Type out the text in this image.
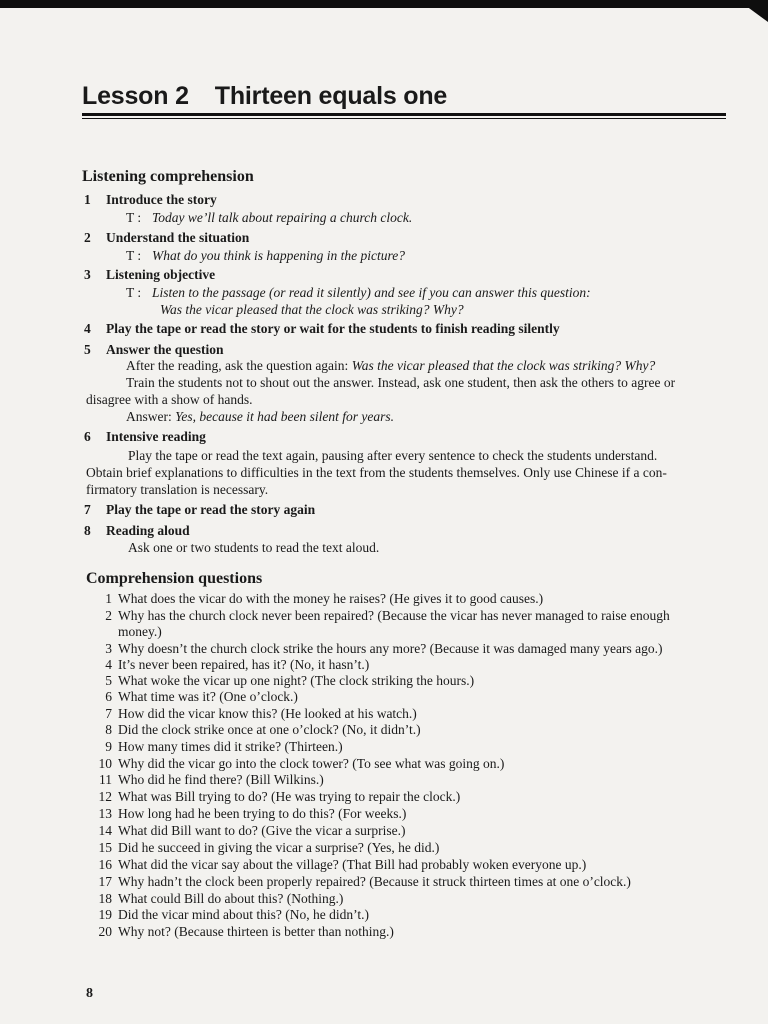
Lesson 2 Thirteen equals one
Listening comprehension
1 Introduce the story
T : Today we’ll talk about repairing a church clock.
2 Understand the situation
T : What do you think is happening in the picture?
3 Listening objective
T : Listen to the passage (or read it silently) and see if you can answer this question:
Was the vicar pleased that the clock was striking? Why?
4 Play the tape or read the story or wait for the students to finish reading silently
5 Answer the question
After the reading, ask the question again: Was the vicar pleased that the clock was striking? Why?
Train the students not to shout out the answer. Instead, ask one student, then ask the others to agree or
disagree with a show of hands.
Answer: Yes, because it had been silent for years.
6 Intensive reading
Play the tape or read the text again, pausing after every sentence to check the students understand.
Obtain brief explanations to difficulties in the text from the students themselves. Only use Chinese if a con-
firmatory translation is necessary.
7 Play the tape or read the story again
8 Reading aloud
Ask one or two students to read the text aloud.
Comprehension questions
1 What does the vicar do with the money he raises? (He gives it to good causes.)
2 Why has the church clock never been repaired? (Because the vicar has never managed to raise enough
money.)
3 Why doesn’t the church clock strike the hours any more? (Because it was damaged many years ago.)
4 It’s never been repaired, has it? (No, it hasn’t.)
5 What woke the vicar up one night? (The clock striking the hours.)
6 What time was it? (One o’clock.)
7 How did the vicar know this? (He looked at his watch.)
8 Did the clock strike once at one o’clock? (No, it didn’t.)
9 How many times did it strike? (Thirteen.)
10 Why did the vicar go into the clock tower? (To see what was going on.)
11 Who did he find there? (Bill Wilkins.)
12 What was Bill trying to do? (He was trying to repair the clock.)
13 How long had he been trying to do this? (For weeks.)
14 What did Bill want to do? (Give the vicar a surprise.)
15 Did he succeed in giving the vicar a surprise? (Yes, he did.)
16 What did the vicar say about the village? (That Bill had probably woken everyone up.)
17 Why hadn’t the clock been properly repaired? (Because it struck thirteen times at one o’clock.)
18 What could Bill do about this? (Nothing.)
19 Did the vicar mind about this? (No, he didn’t.)
20 Why not? (Because thirteen is better than nothing.)
8
